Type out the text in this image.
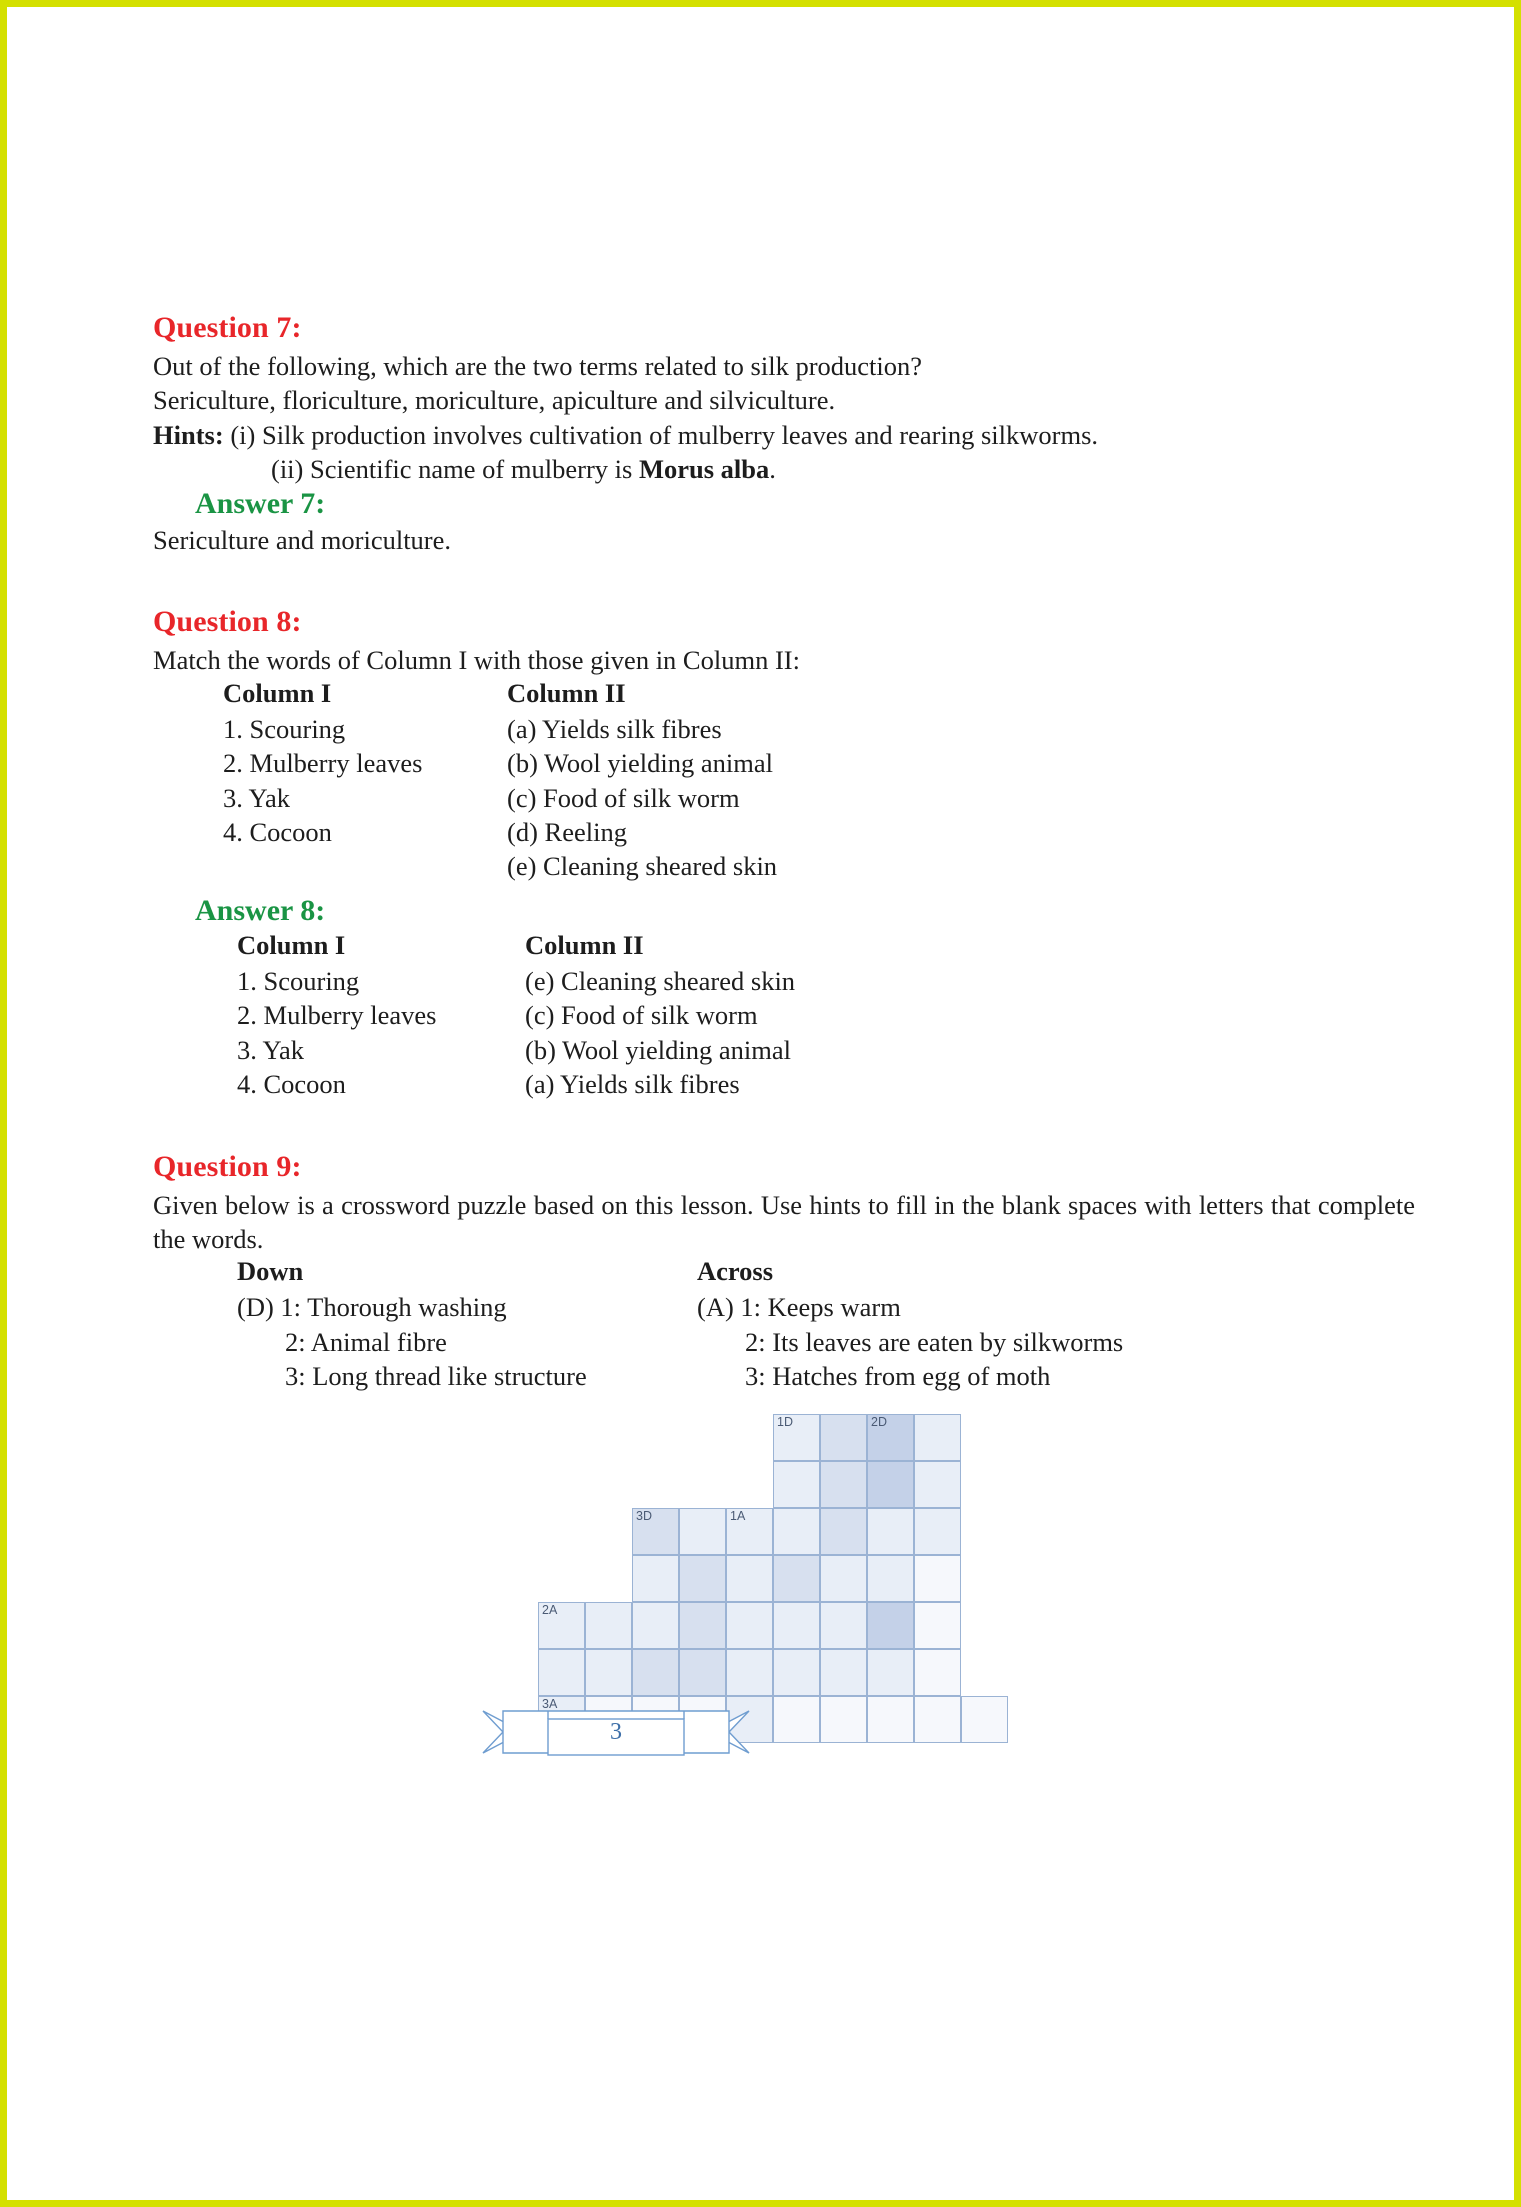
Question 7:
Out of the following, which are the two terms related to silk production?
Sericulture, floriculture, moriculture, apiculture and silviculture.
Hints: (i) Silk production involves cultivation of mulberry leaves and rearing silkworms.
(ii) Scientific name of mulberry is Morus alba.
Answer 7:
Sericulture and moriculture.
Question 8:
Match the words of Column I with those given in Column II:
Column I
1. Scouring
2. Mulberry leaves
3. Yak
4. Cocoon
Column II
(a) Yields silk fibres
(b) Wool yielding animal
(c) Food of silk worm
(d) Reeling
(e) Cleaning sheared skin
Answer 8:
Column I
1. Scouring
2. Mulberry leaves
3. Yak
4. Cocoon
Column II
(e) Cleaning sheared skin
(c) Food of silk worm
(b) Wool yielding animal
(a) Yields silk fibres
Question 9:
Given below is a crossword puzzle based on this lesson. Use hints to fill in the blank spaces with letters that complete the words.
Down
(D) 1: Thorough washing
2: Animal fibre
3: Long thread like structure
Across
(A) 1: Keeps warm
2: Its leaves are eaten by silkworms
3: Hatches from egg of moth
1D	2D
3D	1A
2A
3A
3
